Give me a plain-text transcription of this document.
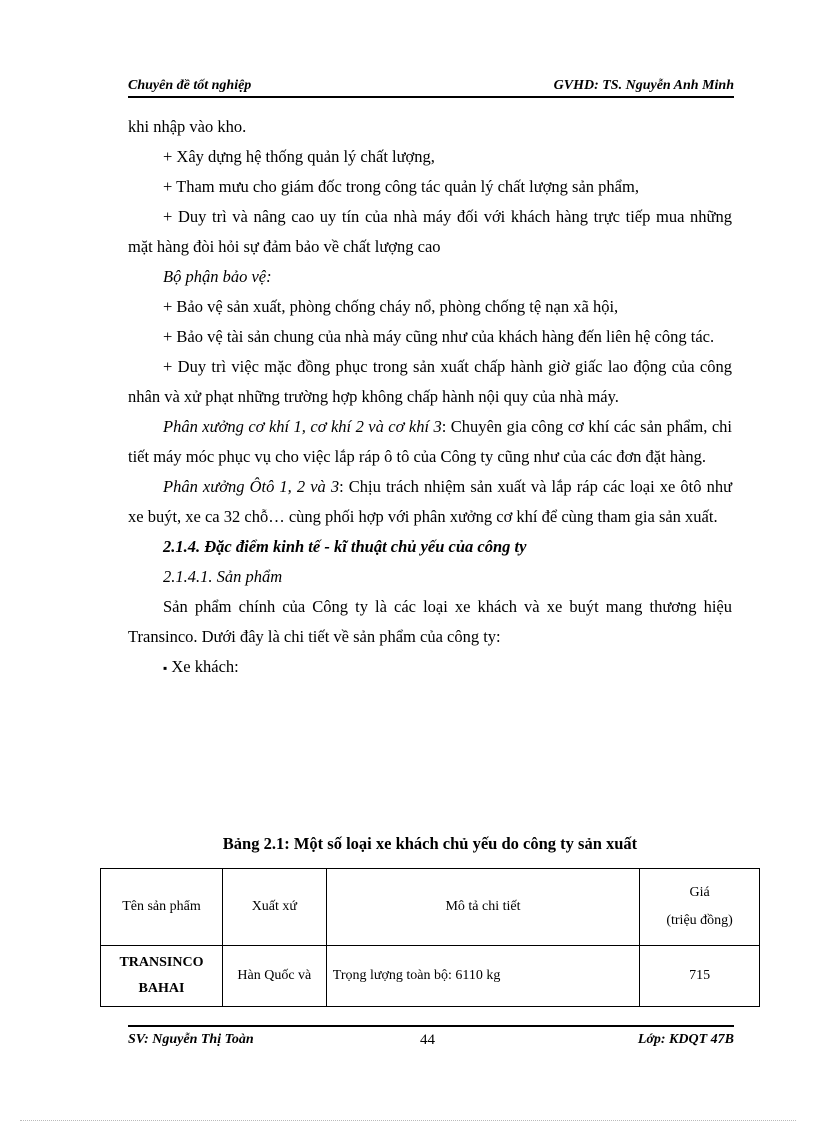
Chuyên đề tốt nghiệp	GVHD: TS. Nguyễn Anh Minh

khi nhập vào kho.

+ Xây dựng hệ thống quản lý chất lượng,

+ Tham mưu cho giám đốc trong công tác quản lý chất lượng sản phẩm,

+ Duy trì và nâng cao uy tín của nhà máy đối với khách hàng trực tiếp mua những mặt hàng đòi hỏi sự đảm bảo về chất lượng cao

Bộ phận bảo vệ:

+ Bảo vệ sản xuất, phòng chống cháy nổ, phòng chống tệ nạn xã hội,

+ Bảo vệ tài sản chung của nhà máy cũng như của khách hàng đến liên hệ công tác.

+ Duy trì việc mặc đồng phục trong sản xuất chấp hành giờ giấc lao động của công nhân và xử phạt những trường hợp không chấp hành nội quy của nhà máy.

Phân xưởng cơ khí 1, cơ khí 2 và cơ khí 3: Chuyên gia công cơ khí các sản phẩm, chi tiết máy móc phục vụ cho việc lắp ráp ô tô của Công ty cũng như của các đơn đặt hàng.

Phân xưởng Ôtô 1, 2 và 3: Chịu trách nhiệm sản xuất và lắp ráp các loại xe ôtô như xe buýt, xe ca 32 chỗ… cùng phối hợp với phân xưởng cơ khí để cùng tham gia sản xuất.

2.1.4. Đặc điểm kinh tế - kĩ thuật chủ yếu của công ty

2.1.4.1. Sản phẩm

Sản phẩm chính của Công ty là các loại xe khách và xe buýt mang thương hiệu Transinco. Dưới đây là chi tiết về sản phẩm của công ty:

▪ Xe khách:

Bảng 2.1: Một số loại xe khách chủ yếu do công ty sản xuất
Tên sản phẩm	Xuất xứ	Mô tả chi tiết	Giá
(triệu đồng)
TRANSINCO
BAHAI	Hàn Quốc và	Trọng lượng toàn bộ: 6110 kg	715
SV: Nguyễn Thị Toàn	44	Lớp: KDQT 47B
